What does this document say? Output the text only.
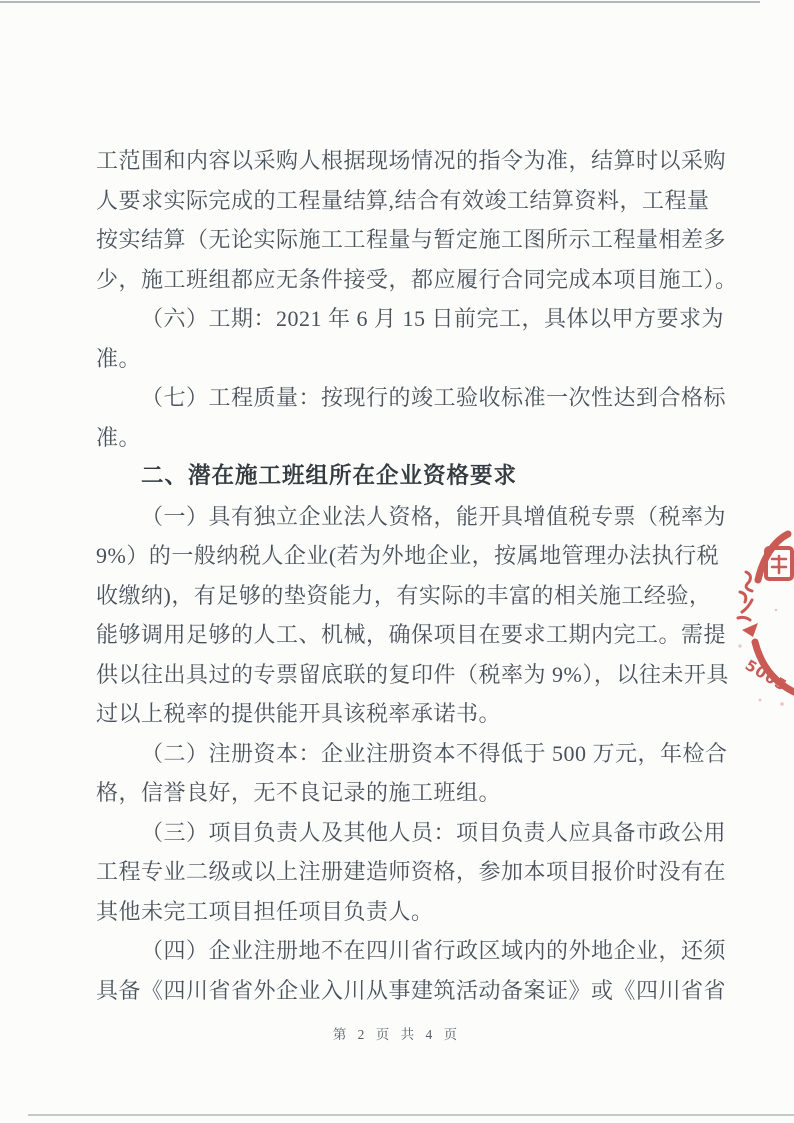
工范围和内容以采购人根据现场情况的指令为准，结算时以采购
人要求实际完成的工程量结算,结合有效竣工结算资料，工程量
按实结算（无论实际施工工程量与暂定施工图所示工程量相差多
少，施工班组都应无条件接受，都应履行合同完成本项目施工）。
（六）工期：2021 年 6 月 15 日前完工，具体以甲方要求为
准。
（七）工程质量：按现行的竣工验收标准一次性达到合格标
准。
二、潜在施工班组所在企业资格要求
（一）具有独立企业法人资格，能开具增值税专票（税率为
9%）的一般纳税人企业(若为外地企业，按属地管理办法执行税
收缴纳)，有足够的垫资能力，有实际的丰富的相关施工经验，
能够调用足够的人工、机械，确保项目在要求工期内完工。需提
供以往出具过的专票留底联的复印件（税率为 9%），以往未开具
过以上税率的提供能开具该税率承诺书。
（二）注册资本：企业注册资本不得低于 500 万元，年检合
格，信誉良好，无不良记录的施工班组。
（三）项目负责人及其他人员：项目负责人应具备市政公用
工程专业二级或以上注册建造师资格，参加本项目报价时没有在
其他未完工项目担任项目负责人。
（四）企业注册地不在四川省行政区域内的外地企业，还须
具备《四川省省外企业入川从事建筑活动备案证》或《四川省省
5005
第 2 页 共 4 页
